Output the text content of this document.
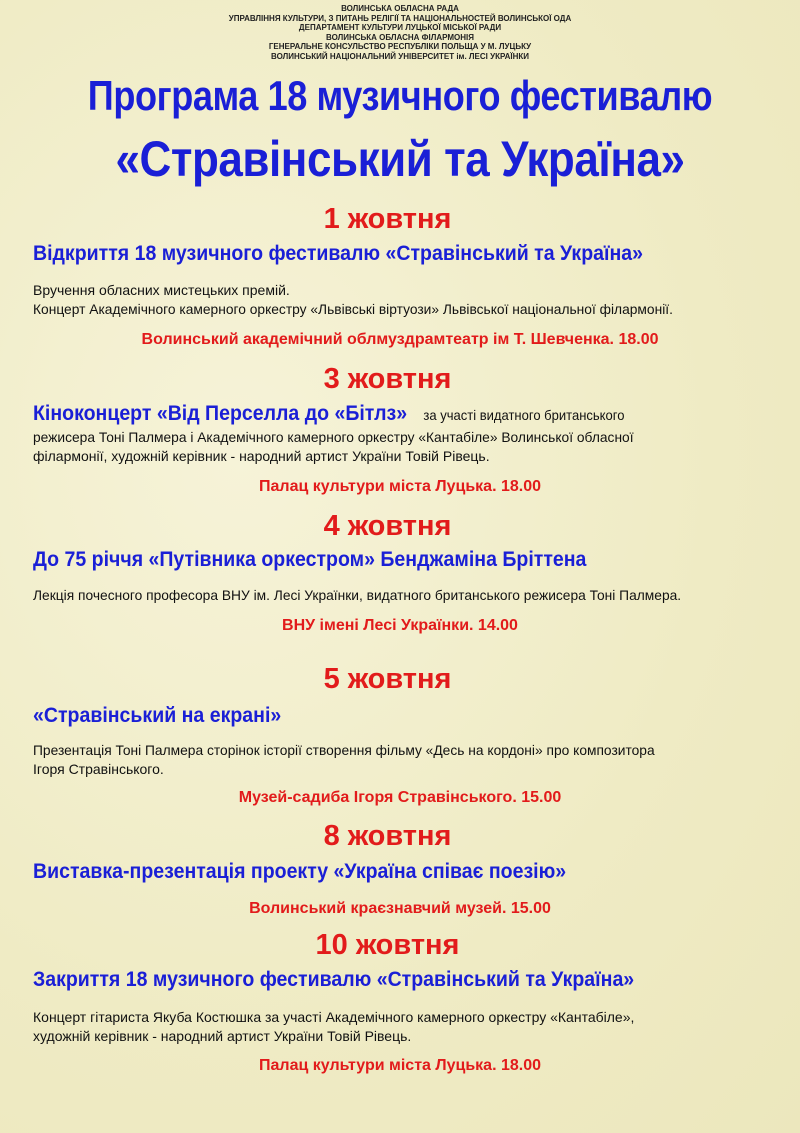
ВОЛИНСЬКА ОБЛАСНА РАДА
УПРАВЛІННЯ КУЛЬТУРИ, З ПИТАНЬ РЕЛІГІЇ ТА НАЦІОНАЛЬНОСТЕЙ ВОЛИНСЬКОЇ ОДА
ДЕПАРТАМЕНТ КУЛЬТУРИ ЛУЦЬКОЇ МІСЬКОЇ РАДИ
ВОЛИНСЬКА ОБЛАСНА ФІЛАРМОНІЯ
ГЕНЕРАЛЬНЕ КОНСУЛЬСТВО РЕСПУБЛІКИ ПОЛЬЩА У М. ЛУЦЬКУ
ВОЛИНСЬКИЙ НАЦІОНАЛЬНИЙ УНІВЕРСИТЕТ ім. ЛЕСІ УКРАЇНКИ
Програма 18 музичного фестивалю
«Стравінський та Україна»
1 жовтня
Відкриття 18 музичного фестивалю «Стравінський та Україна»
Вручення обласних мистецьких премій.
Концерт Академічного камерного оркестру «Львівські віртуози» Львівської національної філармонії.
Волинський академічний облмуздрамтеатр ім Т. Шевченка. 18.00
3 жовтня
Кіноконцерт «Від Перселла до «Бітлз» за участі видатного британського
режисера Тоні Палмера і Академічного камерного оркестру «Кантабіле» Волинської обласної
філармонії, художній керівник - народний артист України Товій Рівець.
Палац культури міста Луцька. 18.00
4 жовтня
До 75 річчя «Путівника оркестром» Бенджаміна Бріттена
Лекція почесного професора ВНУ ім. Лесі Українки, видатного британського режисера Тоні Палмера.
ВНУ імені Лесі Українки. 14.00
5 жовтня
«Стравінський на екрані»
Презентація Тоні Палмера сторінок історії створення фільму «Десь на кордоні» про композитора
Ігоря Стравінського.
Музей-садиба Ігоря Стравінського. 15.00
8 жовтня
Виставка-презентація проекту «Україна співає поезію»
Волинський краєзнавчий музей. 15.00
10 жовтня
Закриття 18 музичного фестивалю «Стравінський та Україна»
Концерт гітариста Якуба Костюшка за участі Академічного камерного оркестру «Кантабіле»,
художній керівник - народний артист України Товій Рівець.
Палац культури міста Луцька. 18.00
